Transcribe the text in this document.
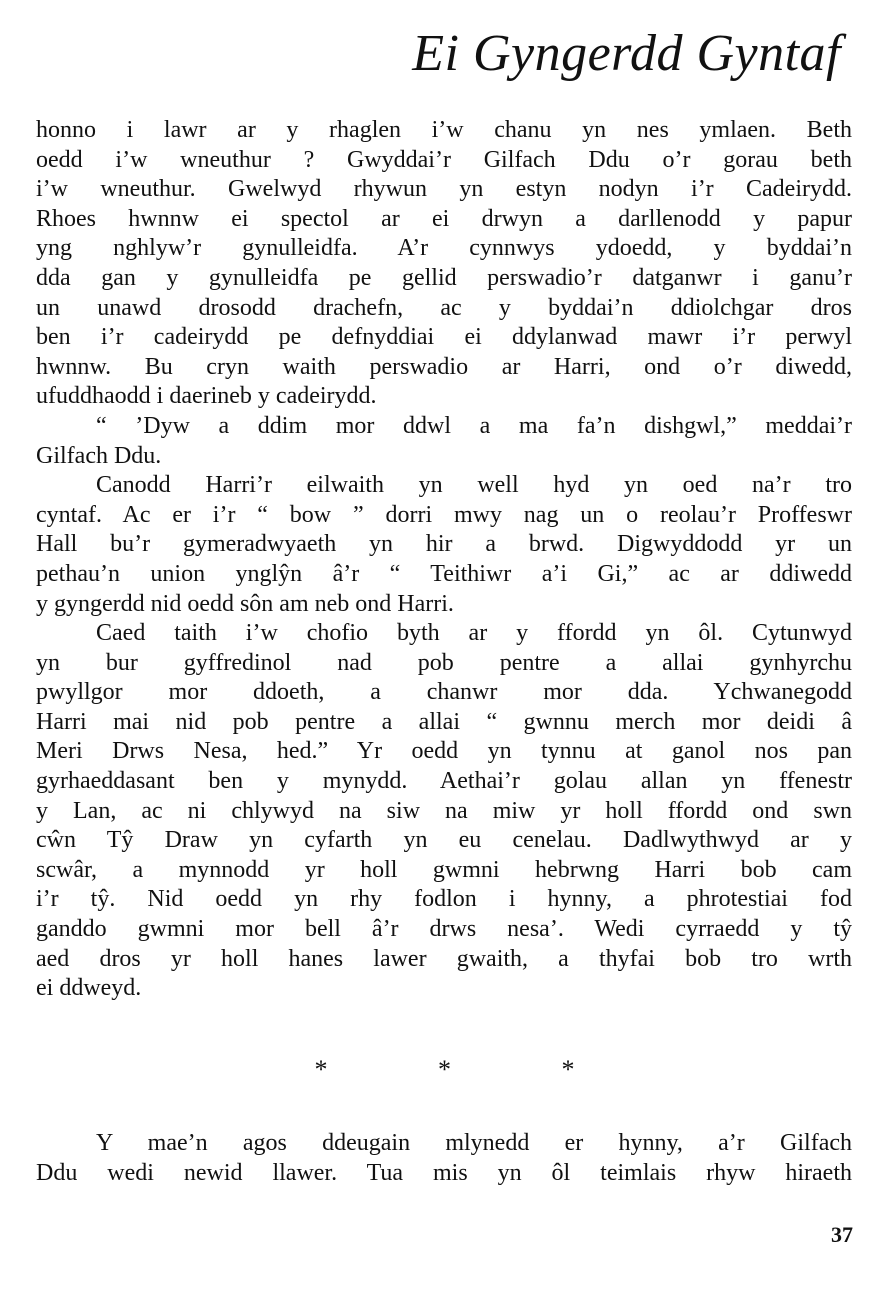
Ei Gyngerdd Gyntaf
honno i lawr ar y rhaglen i’w chanu yn nes ymlaen. Beth
oedd i’w wneuthur ? Gwyddai’r Gilfach Ddu o’r gorau beth
i’w wneuthur. Gwelwyd rhywun yn estyn nodyn i’r Cadeirydd.
Rhoes hwnnw ei spectol ar ei drwyn a darllenodd y papur
yng nghlyw’r gynulleidfa. A’r cynnwys ydoedd, y byddai’n
dda gan y gynulleidfa pe gellid perswadio’r datganwr i ganu’r
un unawd drosodd drachefn, ac y byddai’n ddiolchgar dros
ben i’r cadeirydd pe defnyddiai ei ddylanwad mawr i’r perwyl
hwnnw. Bu cryn waith perswadio ar Harri, ond o’r diwedd,
ufuddhaodd i daerineb y cadeirydd.
“ ’Dyw a ddim mor ddwl a ma fa’n dishgwl,” meddai’r
Gilfach Ddu.
Canodd Harri’r eilwaith yn well hyd yn oed na’r tro
cyntaf. Ac er i’r “ bow ” dorri mwy nag un o reolau’r Proffeswr
Hall bu’r gymeradwyaeth yn hir a brwd. Digwyddodd yr un
pethau’n union ynglŷn â’r “ Teithiwr a’i Gi,” ac ar ddiwedd
y gyngerdd nid oedd sôn am neb ond Harri.
Caed taith i’w chofio byth ar y ffordd yn ôl. Cytunwyd
yn bur gyffredinol nad pob pentre a allai gynhyrchu
pwyllgor mor ddoeth, a chanwr mor dda. Ychwanegodd
Harri mai nid pob pentre a allai “ gwnnu merch mor deidi â
Meri Drws Nesa, hed.” Yr oedd yn tynnu at ganol nos pan
gyrhaeddasant ben y mynydd. Aethai’r golau allan yn ffenestr
y Lan, ac ni chlywyd na siw na miw yr holl ffordd ond swn
cŵn Tŷ Draw yn cyfarth yn eu cenelau. Dadlwythwyd ar y
scwâr, a mynnodd yr holl gwmni hebrwng Harri bob cam
i’r tŷ. Nid oedd yn rhy fodlon i hynny, a phrotestiai fod
ganddo gwmni mor bell â’r drws nesa’. Wedi cyrraedd y tŷ
aed dros yr holl hanes lawer gwaith, a thyfai bob tro wrth
ei ddweyd.
* * *
Y mae’n agos ddeugain mlynedd er hynny, a’r Gilfach
Ddu wedi newid llawer. Tua mis yn ôl teimlais rhyw hiraeth
37
